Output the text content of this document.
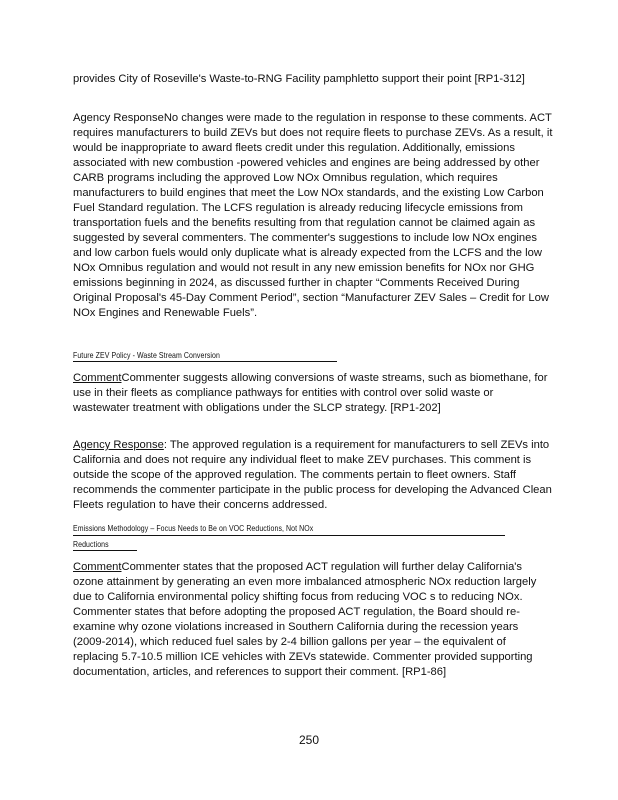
provides City of Roseville's Waste-to-RNG Facility pamphletto support their point [RP1-312]

Agency ResponseNo changes were made to the regulation in response to these comments. ACT requires manufacturers to build ZEVs but does not require fleets to purchase ZEVs. As a result, it would be inappropriate to award fleets credit under this regulation. Additionally, emissions associated with new combustion -powered vehicles and engines are being addressed by other CARB programs including the approved Low NOx Omnibus regulation, which requires manufacturers to build engines that meet the Low NOx standards, and the existing Low Carbon Fuel Standard regulation. The LCFS regulation is already reducing lifecycle emissions from transportation fuels and the benefits resulting from that regulation cannot be claimed again as suggested by several commenters. The commenter's suggestions to include low NOx engines and low carbon fuels would only duplicate what is already expected from the LCFS and the low NOx Omnibus regulation and would not result in any new emission benefits for NOx nor GHG emissions beginning in 2024, as discussed further in chapter “Comments Received During Original Proposal's 45-Day Comment Period”, section “Manufacturer ZEV Sales – Credit for Low NOx Engines and Renewable Fuels”.

Future ZEV Policy - Waste Stream Conversion

CommentCommenter suggests allowing conversions of waste streams, such as biomethane, for use in their fleets as compliance pathways for entities with control over solid waste or wastewater treatment with obligations under the SLCP strategy. [RP1-202]

Agency Response: The approved regulation is a requirement for manufacturers to sell ZEVs into California and does not require any individual fleet to make ZEV purchases. This comment is outside the scope of the approved regulation. The comments pertain to fleet owners. Staff recommends the commenter participate in the public process for developing the Advanced Clean Fleets regulation to have their concerns addressed.

Emissions Methodology – Focus Needs to Be on VOC Reductions, Not NOx
Reductions

CommentCommenter states that the proposed ACT regulation will further delay California's ozone attainment by generating an even more imbalanced atmospheric NOx reduction largely due to California environmental policy shifting focus from reducing VOC s to reducing NOx. Commenter states that before adopting the proposed ACT regulation, the Board should re-examine why ozone violations increased in Southern California during the recession years (2009-2014), which reduced fuel sales by 2-4 billion gallons per year – the equivalent of replacing 5.7-10.5 million ICE vehicles with ZEVs statewide. Commenter provided supporting documentation, articles, and references to support their comment. [RP1-86]

250
